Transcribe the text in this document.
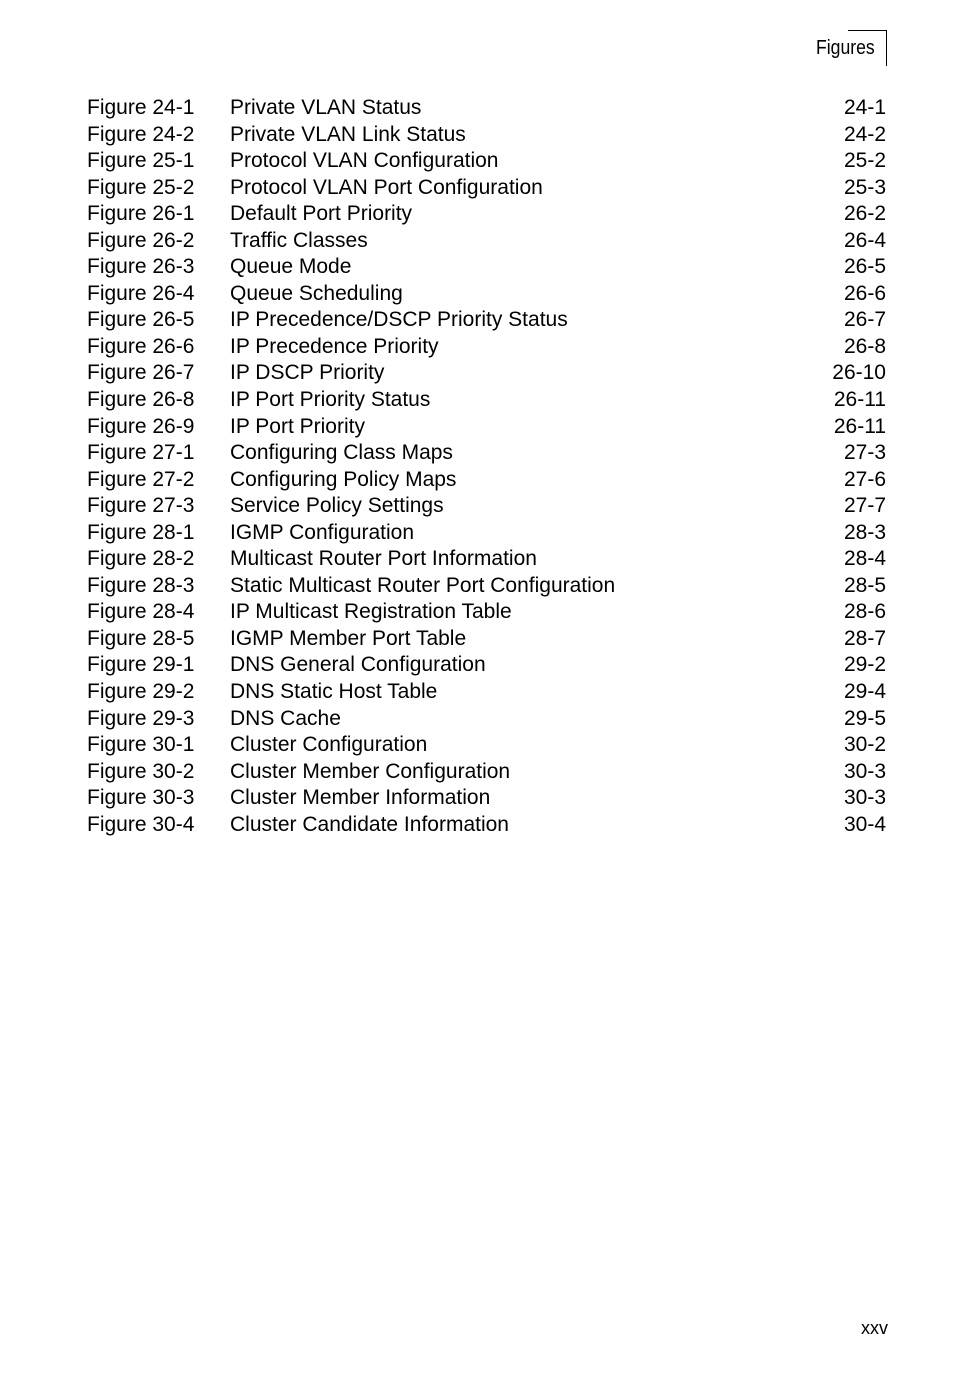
Figures
Figure 24-1 Private VLAN Status	24-1
Figure 24-2 Private VLAN Link Status	24-2
Figure 25-1 Protocol VLAN Configuration	25-2
Figure 25-2 Protocol VLAN Port Configuration	25-3
Figure 26-1 Default Port Priority	26-2
Figure 26-2 Traffic Classes	26-4
Figure 26-3 Queue Mode	26-5
Figure 26-4 Queue Scheduling	26-6
Figure 26-5 IP Precedence/DSCP Priority Status	26-7
Figure 26-6 IP Precedence Priority	26-8
Figure 26-7 IP DSCP Priority	26-10
Figure 26-8 IP Port Priority Status	26-11
Figure 26-9 IP Port Priority	26-11
Figure 27-1 Configuring Class Maps	27-3
Figure 27-2 Configuring Policy Maps	27-6
Figure 27-3 Service Policy Settings	27-7
Figure 28-1 IGMP Configuration	28-3
Figure 28-2 Multicast Router Port Information	28-4
Figure 28-3 Static Multicast Router Port Configuration	28-5
Figure 28-4 IP Multicast Registration Table	28-6
Figure 28-5 IGMP Member Port Table	28-7
Figure 29-1 DNS General Configuration	29-2
Figure 29-2 DNS Static Host Table	29-4
Figure 29-3 DNS Cache	29-5
Figure 30-1 Cluster Configuration	30-2
Figure 30-2 Cluster Member Configuration	30-3
Figure 30-3 Cluster Member Information	30-3
Figure 30-4 Cluster Candidate Information	30-4
xxv
